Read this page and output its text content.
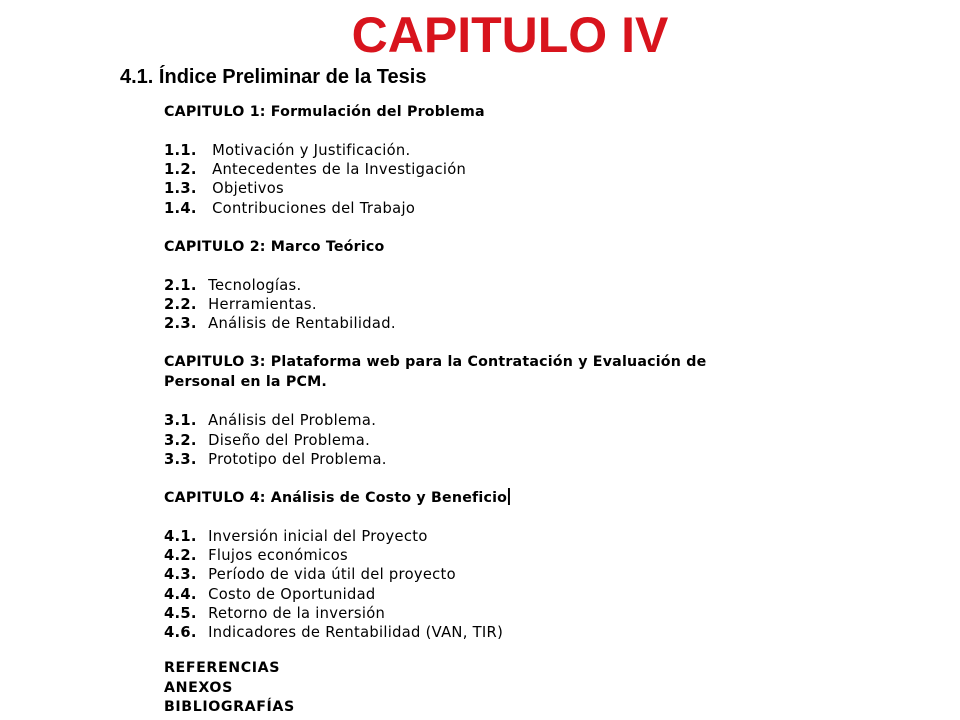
CAPITULO IV
4.1. Índice Preliminar de la Tesis
CAPITULO 1: Formulación del Problema
1.1. Motivación y Justificación.
1.2. Antecedentes de la Investigación
1.3. Objetivos
1.4. Contribuciones del Trabajo
CAPITULO 2: Marco Teórico
2.1. Tecnologías.
2.2. Herramientas.
2.3. Análisis de Rentabilidad.
CAPITULO 3: Plataforma web para la Contratación y Evaluación de
Personal en la PCM.
3.1. Análisis del Problema.
3.2. Diseño del Problema.
3.3. Prototipo del Problema.
CAPITULO 4: Análisis de Costo y Beneficio
4.1. Inversión inicial del Proyecto
4.2. Flujos económicos
4.3. Período de vida útil del proyecto
4.4. Costo de Oportunidad
4.5. Retorno de la inversión
4.6. Indicadores de Rentabilidad (VAN, TIR)
REFERENCIAS
ANEXOS
BIBLIOGRAFÍAS
